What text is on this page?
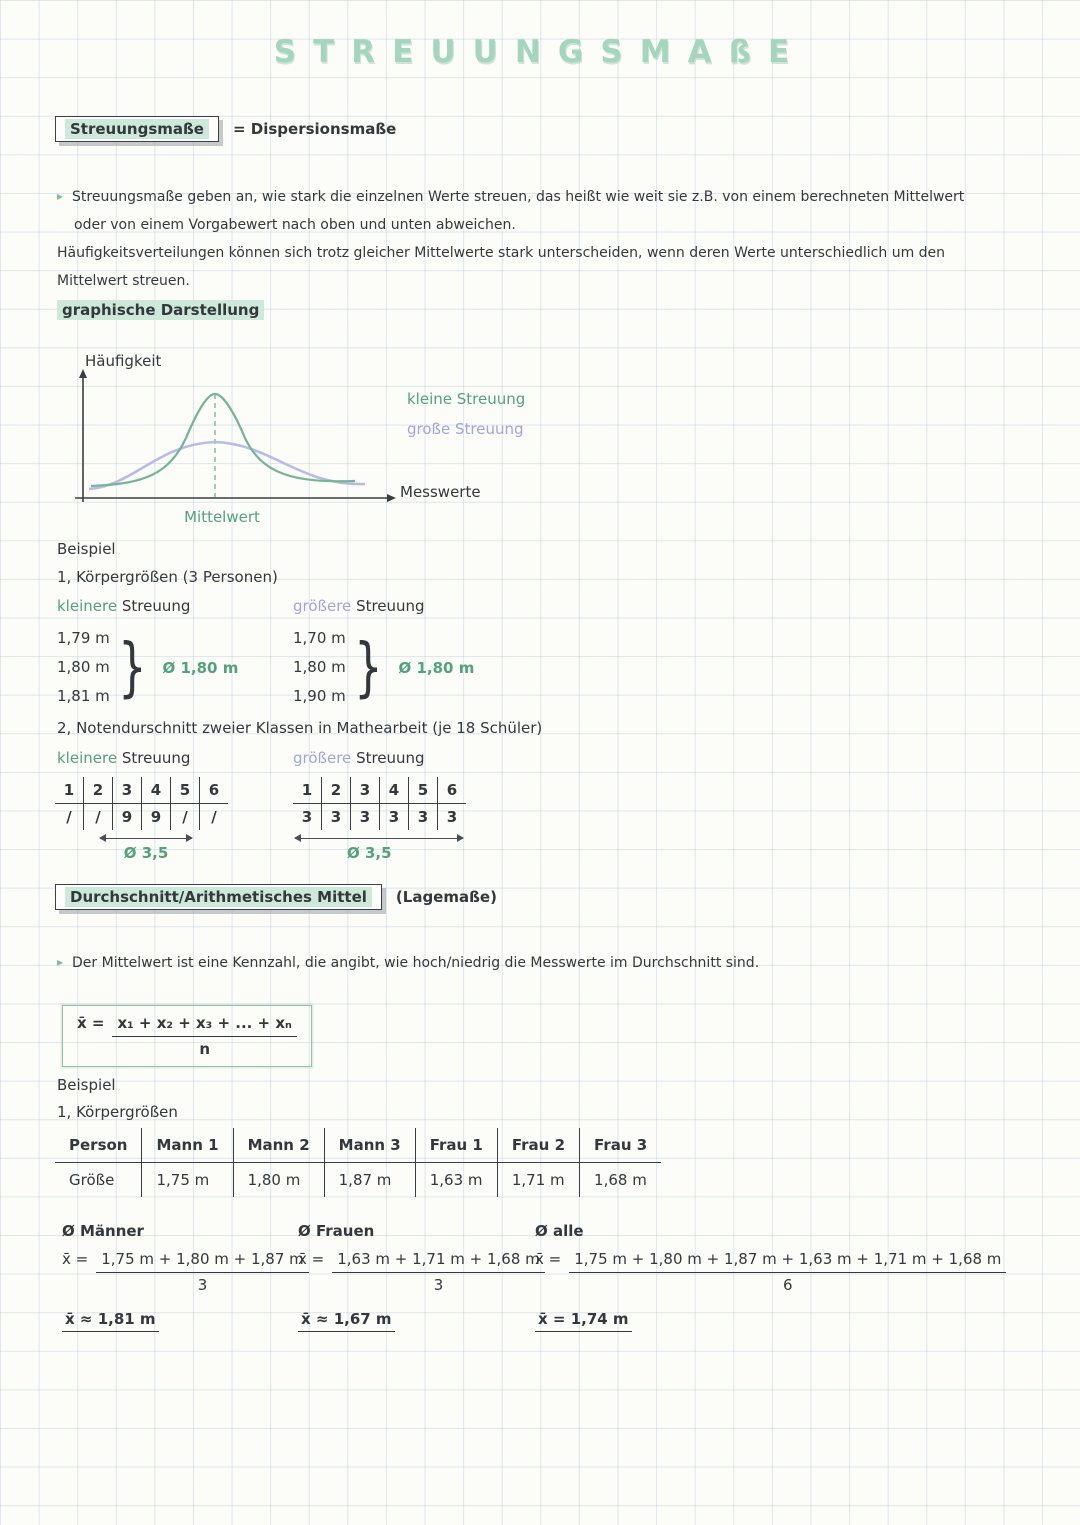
STREUUNGSMAßE
Streuungsmaße = Dispersionsmaße
▸ Streuungsmaße geben an, wie stark die einzelnen Werte streuen, das heißt wie weit sie z.B. von einem berechneten Mittelwert
oder von einem Vorgabewert nach oben und unten abweichen.
Häufigkeitsverteilungen können sich trotz gleicher Mittelwerte stark unterscheiden, wenn deren Werte unterschiedlich um den
Mittelwert streuen.
graphische Darstellung
Häufigkeit
kleine Streuung
große Streuung
Messwerte
Mittelwert
Beispiel
1, Körpergrößen (3 Personen)
kleinere Streuung	größere Streuung
1,79 m
1,80 m
1,81 m } Ø 1,80 m
1,70 m
1,80 m
1,90 m } Ø 1,80 m
2, Notendurschnitt zweier Klassen in Mathearbeit (je 18 Schüler)
kleinere Streuung	größere Streuung
1	2	3	4	5	6
/	/	9	9	/	/
1	2	3	4	5	6
3	3	3	3	3	3
Ø 3,5	Ø 3,5
Durchschnitt/Arithmetisches Mittel (Lagemaße)
▸ Der Mittelwert ist eine Kennzahl, die angibt, wie hoch/niedrig die Messwerte im Durchschnitt sind.
x̄ = $\frac{\text{x₁ + x₂ + x₃ + ... + xₙ}}{n}$
Beispiel
1, Körpergrößen
Person	Mann 1	Mann 2	Mann 3	Frau 1	Frau 2	Frau 3
Größe	1,75 m	1,80 m	1,87 m	1,63 m	1,71 m	1,68 m
Ø Männer
x̄ = $\frac{1,75 m + 1,80 m + 1,87 m}{3}$
x̄ ≈ 1,81 m
Ø Frauen
x̄ = $\frac{1,63 m + 1,71 m + 1,68 m}{3}$
x̄ ≈ 1,67 m
Ø alle
x̄ = $\frac{1,75 m + 1,80 m + 1,87 m + 1,63 m + 1,71 m + 1,68 m}{6}$
x̄ = 1,74 m
